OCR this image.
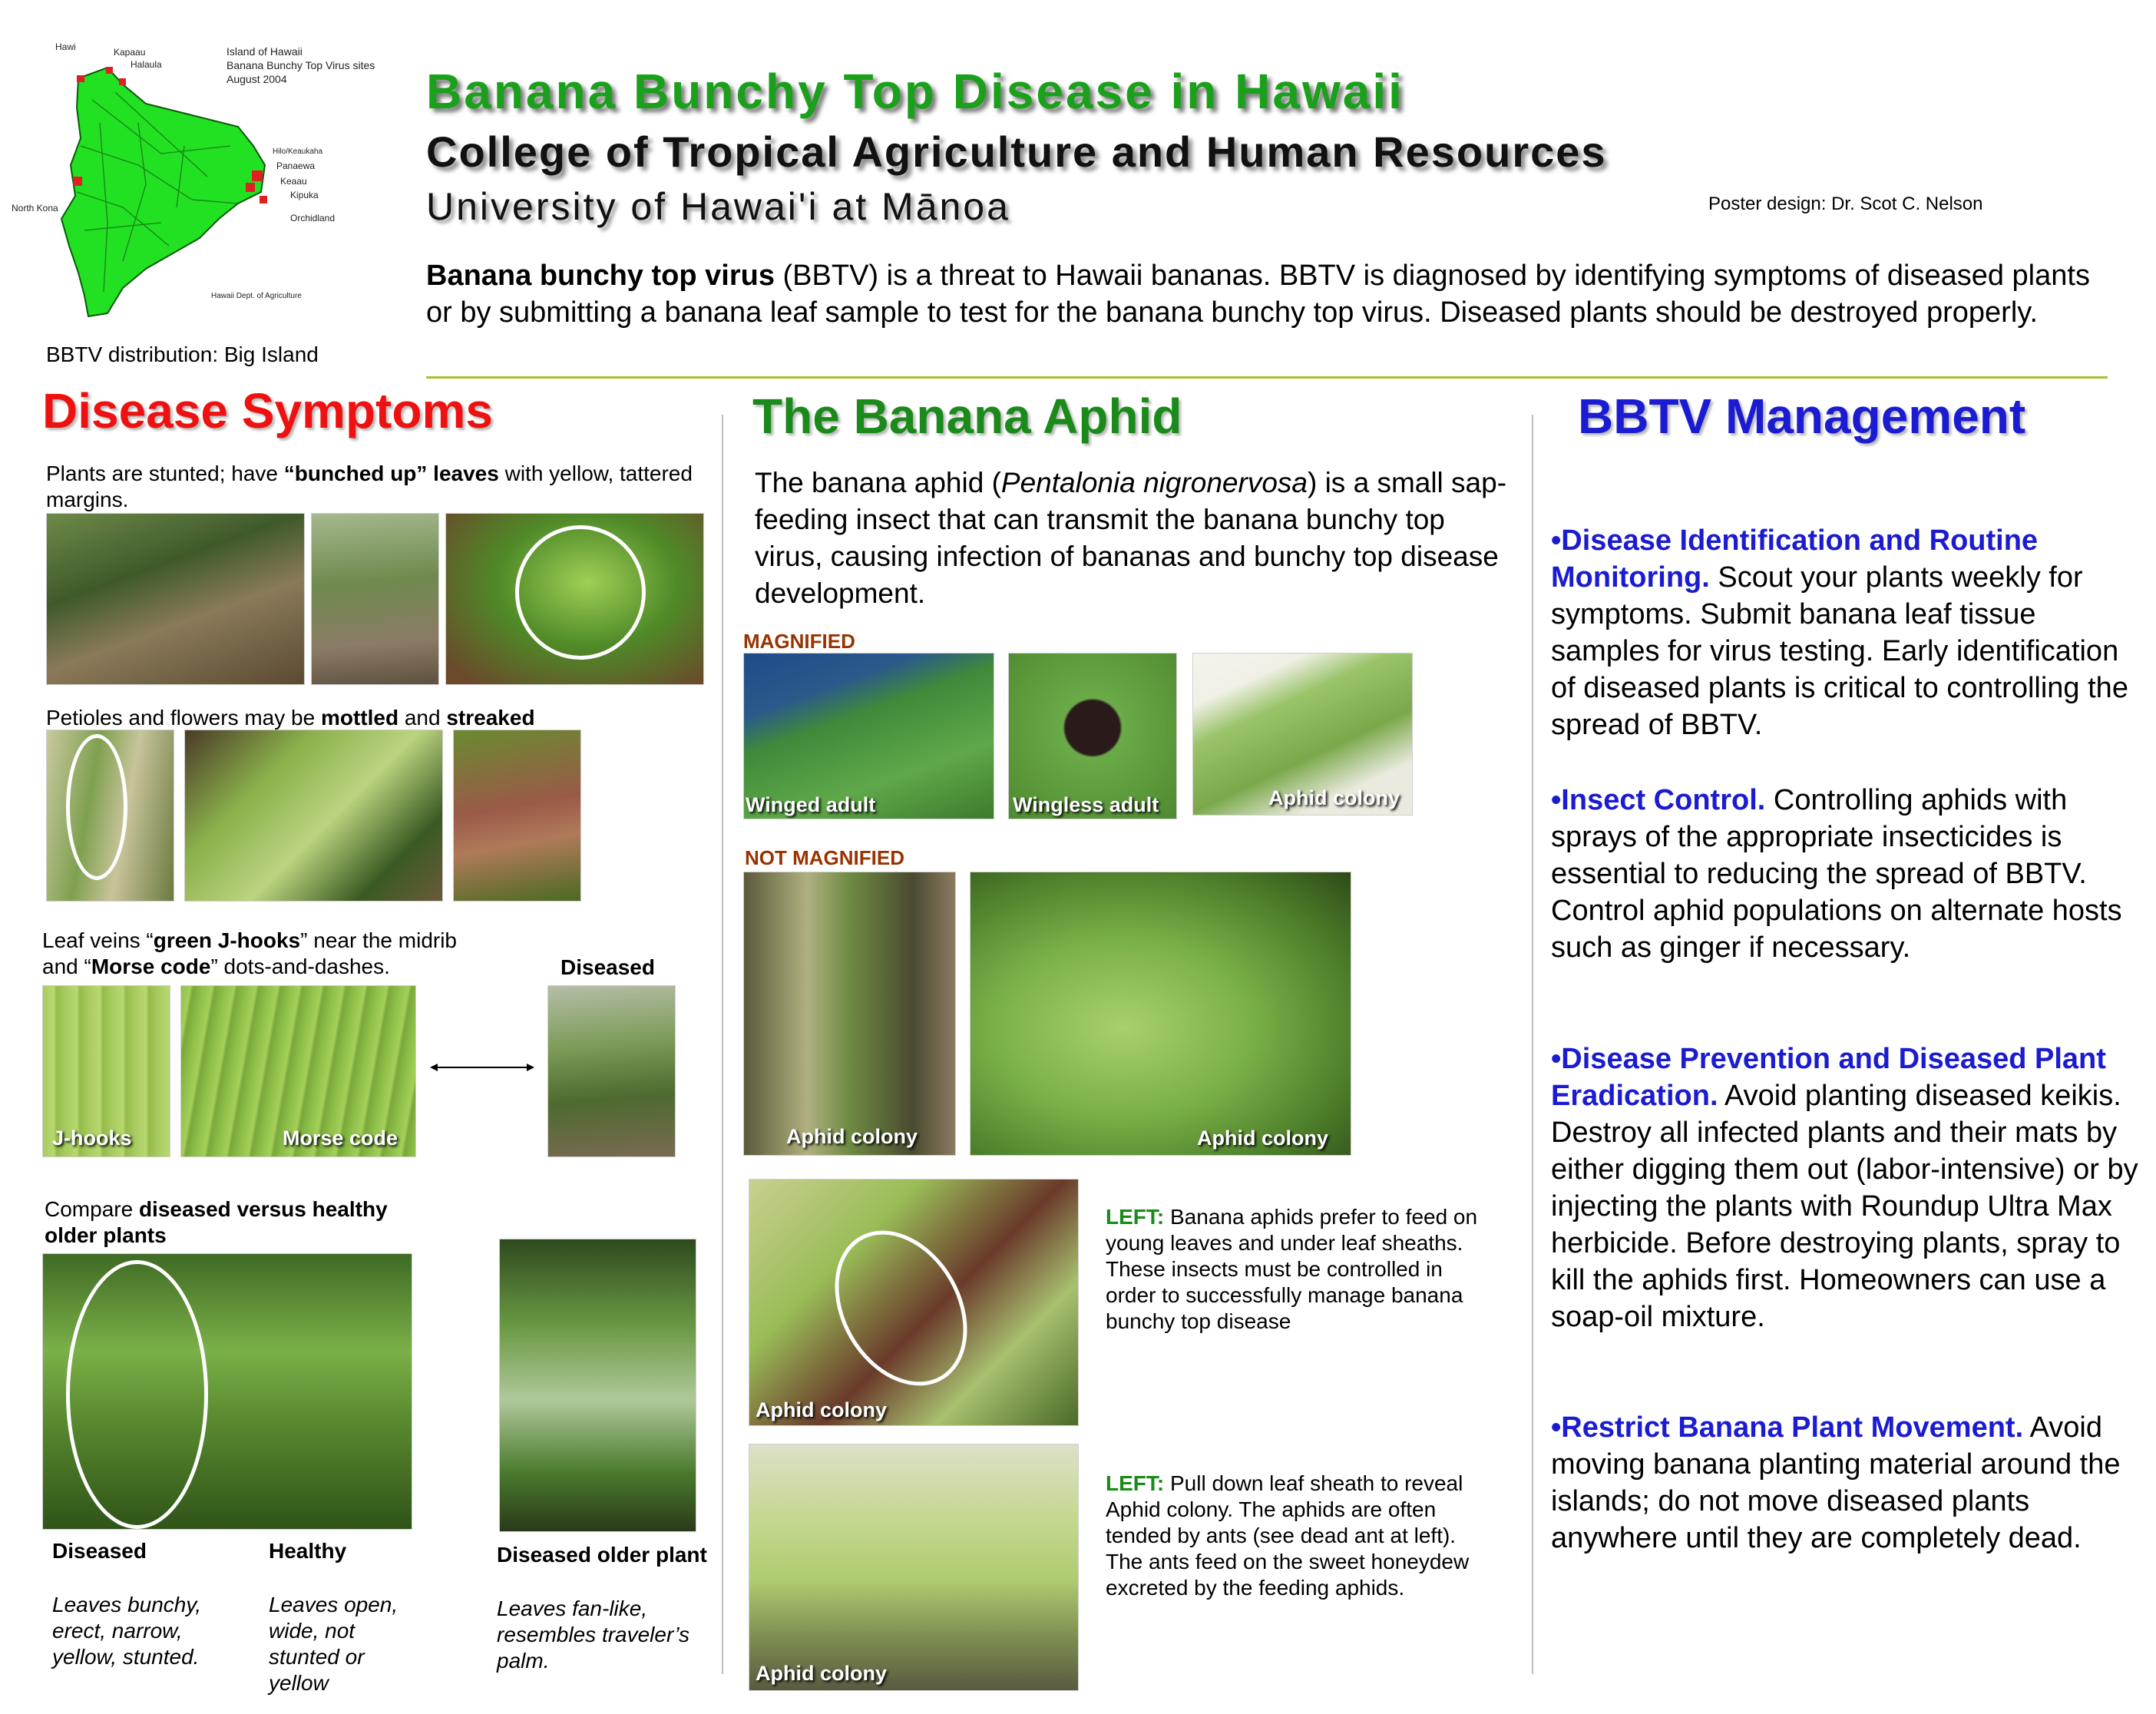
Hawi	Kapaau
Halaula
North Kona
Hilo/Keaukaha
Panaewa
Keaau
Kipuka
Orchidland
Island of Hawaii
Banana Bunchy Top Virus sites
August 2004
Hawaii Dept. of Agriculture
BBTV distribution: Big Island
Banana Bunchy Top Disease in Hawaii
College of Tropical Agriculture and Human Resources
University of Hawai'i at Mānoa	Poster design: Dr. Scot C. Nelson
Banana bunchy top virus (BBTV) is a threat to Hawaii bananas. BBTV is diagnosed by identifying symptoms of diseased plants or by submitting a banana leaf sample to test for the banana bunchy top virus. Diseased plants should be destroyed properly.
Disease Symptoms
Plants are stunted; have “bunched up” leaves with yellow, tattered margins.
Petioles and flowers may be mottled and streaked
Leaf veins “green J-hooks” near the midrib
and “Morse code” dots-and-dashes.	Diseased
J-hooks	Morse code
Compare diseased versus healthy
older plants
Diseased
Leaves bunchy, erect, narrow, yellow, stunted.
Healthy
Leaves open, wide, not stunted or yellow
Diseased older plant
Leaves fan-like, resembles traveler’s palm.
The Banana Aphid
The banana aphid (Pentalonia nigronervosa) is a small sap-feeding insect that can transmit the banana bunchy top virus, causing infection of bananas and bunchy top disease development.
MAGNIFIED
Winged adult	Wingless adult	Aphid colony
NOT MAGNIFIED
Aphid colony	Aphid colony
Aphid colony
Aphid colony
LEFT: Banana aphids prefer to feed on young leaves and under leaf sheaths. These insects must be controlled in order to successfully manage banana bunchy top disease
LEFT: Pull down leaf sheath to reveal Aphid colony. The aphids are often tended by ants (see dead ant at left). The ants feed on the sweet honeydew excreted by the feeding aphids.
BBTV Management
•Disease Identification and Routine Monitoring. Scout your plants weekly for symptoms. Submit banana leaf tissue samples for virus testing. Early identification of diseased plants is critical to controlling the spread of BBTV.
•Insect Control. Controlling aphids with sprays of the appropriate insecticides is essential to reducing the spread of BBTV. Control aphid populations on alternate hosts such as ginger if necessary.
•Disease Prevention and Diseased Plant Eradication. Avoid planting diseased keikis. Destroy all infected plants and their mats by either digging them out (labor-intensive) or by injecting the plants with Roundup Ultra Max herbicide. Before destroying plants, spray to kill the aphids first. Homeowners can use a soap-oil mixture.
•Restrict Banana Plant Movement. Avoid moving banana planting material around the islands; do not move diseased plants anywhere until they are completely dead.
